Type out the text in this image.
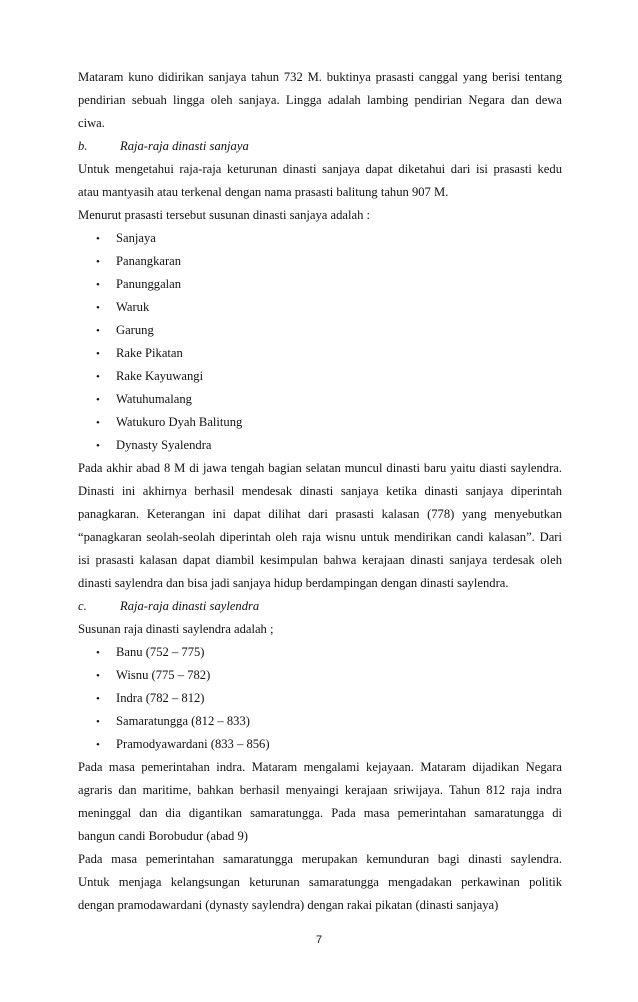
Mataram kuno didirikan sanjaya tahun 732 M. buktinya prasasti canggal yang berisi tentang
pendirian sebuah lingga oleh sanjaya. Lingga adalah lambing pendirian Negara dan dewa
ciwa.
b.	Raja-raja dinasti sanjaya
Untuk mengetahui raja-raja keturunan dinasti sanjaya dapat diketahui dari isi prasasti kedu
atau mantyasih atau terkenal dengan nama prasasti balitung tahun 907 M.
Menurut prasasti tersebut susunan dinasti sanjaya adalah :
• Sanjaya
• Panangkaran
• Panunggalan
• Waruk
• Garung
• Rake Pikatan
• Rake Kayuwangi
• Watuhumalang
• Watukuro Dyah Balitung
• Dynasty Syalendra
Pada akhir abad 8 M di jawa tengah bagian selatan muncul dinasti baru yaitu diasti saylendra.
Dinasti ini akhirnya berhasil mendesak dinasti sanjaya ketika dinasti sanjaya diperintah
panagkaran. Keterangan ini dapat dilihat dari prasasti kalasan (778) yang menyebutkan
“panagkaran seolah-seolah diperintah oleh raja wisnu untuk mendirikan candi kalasan”. Dari
isi prasasti kalasan dapat diambil kesimpulan bahwa kerajaan dinasti sanjaya terdesak oleh
dinasti saylendra dan bisa jadi sanjaya hidup berdampingan dengan dinasti saylendra.
c.	Raja-raja dinasti saylendra
Susunan raja dinasti saylendra adalah ;
• Banu (752 – 775)
• Wisnu (775 – 782)
• Indra (782 – 812)
• Samaratungga (812 – 833)
• Pramodyawardani (833 – 856)
Pada masa pemerintahan indra. Mataram mengalami kejayaan. Mataram dijadikan Negara
agraris dan maritime, bahkan berhasil menyaingi kerajaan sriwijaya. Tahun 812 raja indra
meninggal dan dia digantikan samaratungga. Pada masa pemerintahan samaratungga di
bangun candi Borobudur (abad 9)
Pada masa pemerintahan samaratungga merupakan kemunduran bagi dinasti saylendra.
Untuk menjaga kelangsungan keturunan samaratungga mengadakan perkawinan politik
dengan pramodawardani (dynasty saylendra) dengan rakai pikatan (dinasti sanjaya)
7
